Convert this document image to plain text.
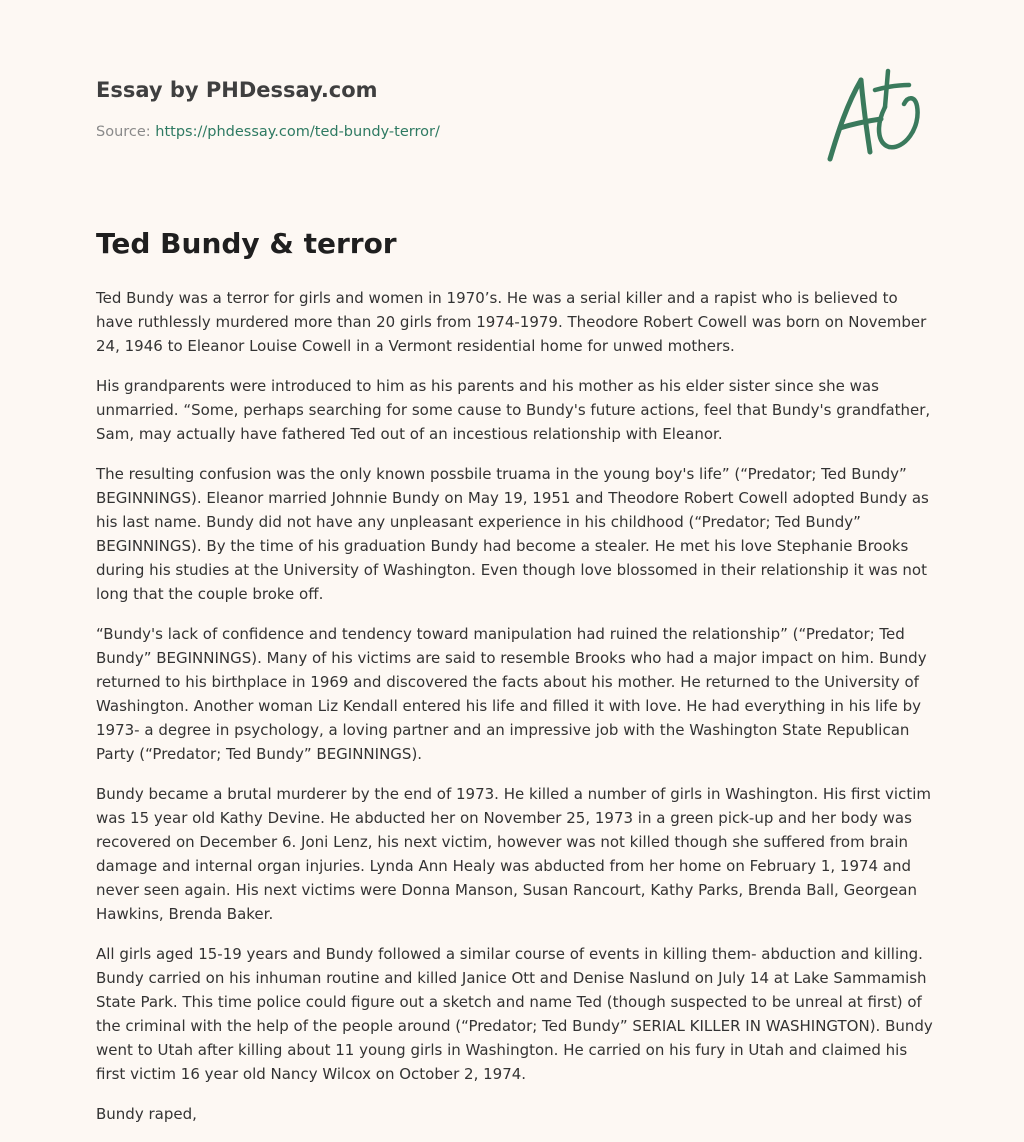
Essay by PHDessay.com
Source: https://phdessay.com/ted-bundy-terror/
Ted Bundy & terror

Ted Bundy was a terror for girls and women in 1970’s. He was a serial killer and a rapist who is believed to have ruthlessly murdered more than 20 girls from 1974-1979. Theodore Robert Cowell was born on November 24, 1946 to Eleanor Louise Cowell in a Vermont residential home for unwed mothers.

His grandparents were introduced to him as his parents and his mother as his elder sister since she was unmarried. “Some, perhaps searching for some cause to Bundy's future actions, feel that Bundy's grandfather, Sam, may actually have fathered Ted out of an incestious relationship with Eleanor.

The resulting confusion was the only known possbile truama in the young boy's life” (“Predator; Ted Bundy” BEGINNINGS). Eleanor married Johnnie Bundy on May 19, 1951 and Theodore Robert Cowell adopted Bundy as his last name. Bundy did not have any unpleasant experience in his childhood (“Predator; Ted Bundy” BEGINNINGS). By the time of his graduation Bundy had become a stealer. He met his love Stephanie Brooks during his studies at the University of Washington. Even though love blossomed in their relationship it was not long that the couple broke off.

“Bundy's lack of confidence and tendency toward manipulation had ruined the relationship” (“Predator; Ted Bundy” BEGINNINGS). Many of his victims are said to resemble Brooks who had a major impact on him. Bundy returned to his birthplace in 1969 and discovered the facts about his mother. He returned to the University of Washington. Another woman Liz Kendall entered his life and filled it with love. He had everything in his life by 1973- a degree in psychology, a loving partner and an impressive job with the Washington State Republican Party (“Predator; Ted Bundy” BEGINNINGS).

Bundy became a brutal murderer by the end of 1973. He killed a number of girls in Washington. His first victim was 15 year old Kathy Devine. He abducted her on November 25, 1973 in a green pick-up and her body was recovered on December 6. Joni Lenz, his next victim, however was not killed though she suffered from brain damage and internal organ injuries. Lynda Ann Healy was abducted from her home on February 1, 1974 and never seen again. His next victims were Donna Manson, Susan Rancourt, Kathy Parks, Brenda Ball, Georgean Hawkins, Brenda Baker.

All girls aged 15-19 years and Bundy followed a similar course of events in killing them- abduction and killing. Bundy carried on his inhuman routine and killed Janice Ott and Denise Naslund on July 14 at Lake Sammamish State Park. This time police could figure out a sketch and name Ted (though suspected to be unreal at first) of the criminal with the help of the people around (“Predator; Ted Bundy” SERIAL KILLER IN WASHINGTON). Bundy went to Utah after killing about 11 young girls in Washington. He carried on his fury in Utah and claimed his first victim 16 year old Nancy Wilcox on October 2, 1974.

Bundy raped,
